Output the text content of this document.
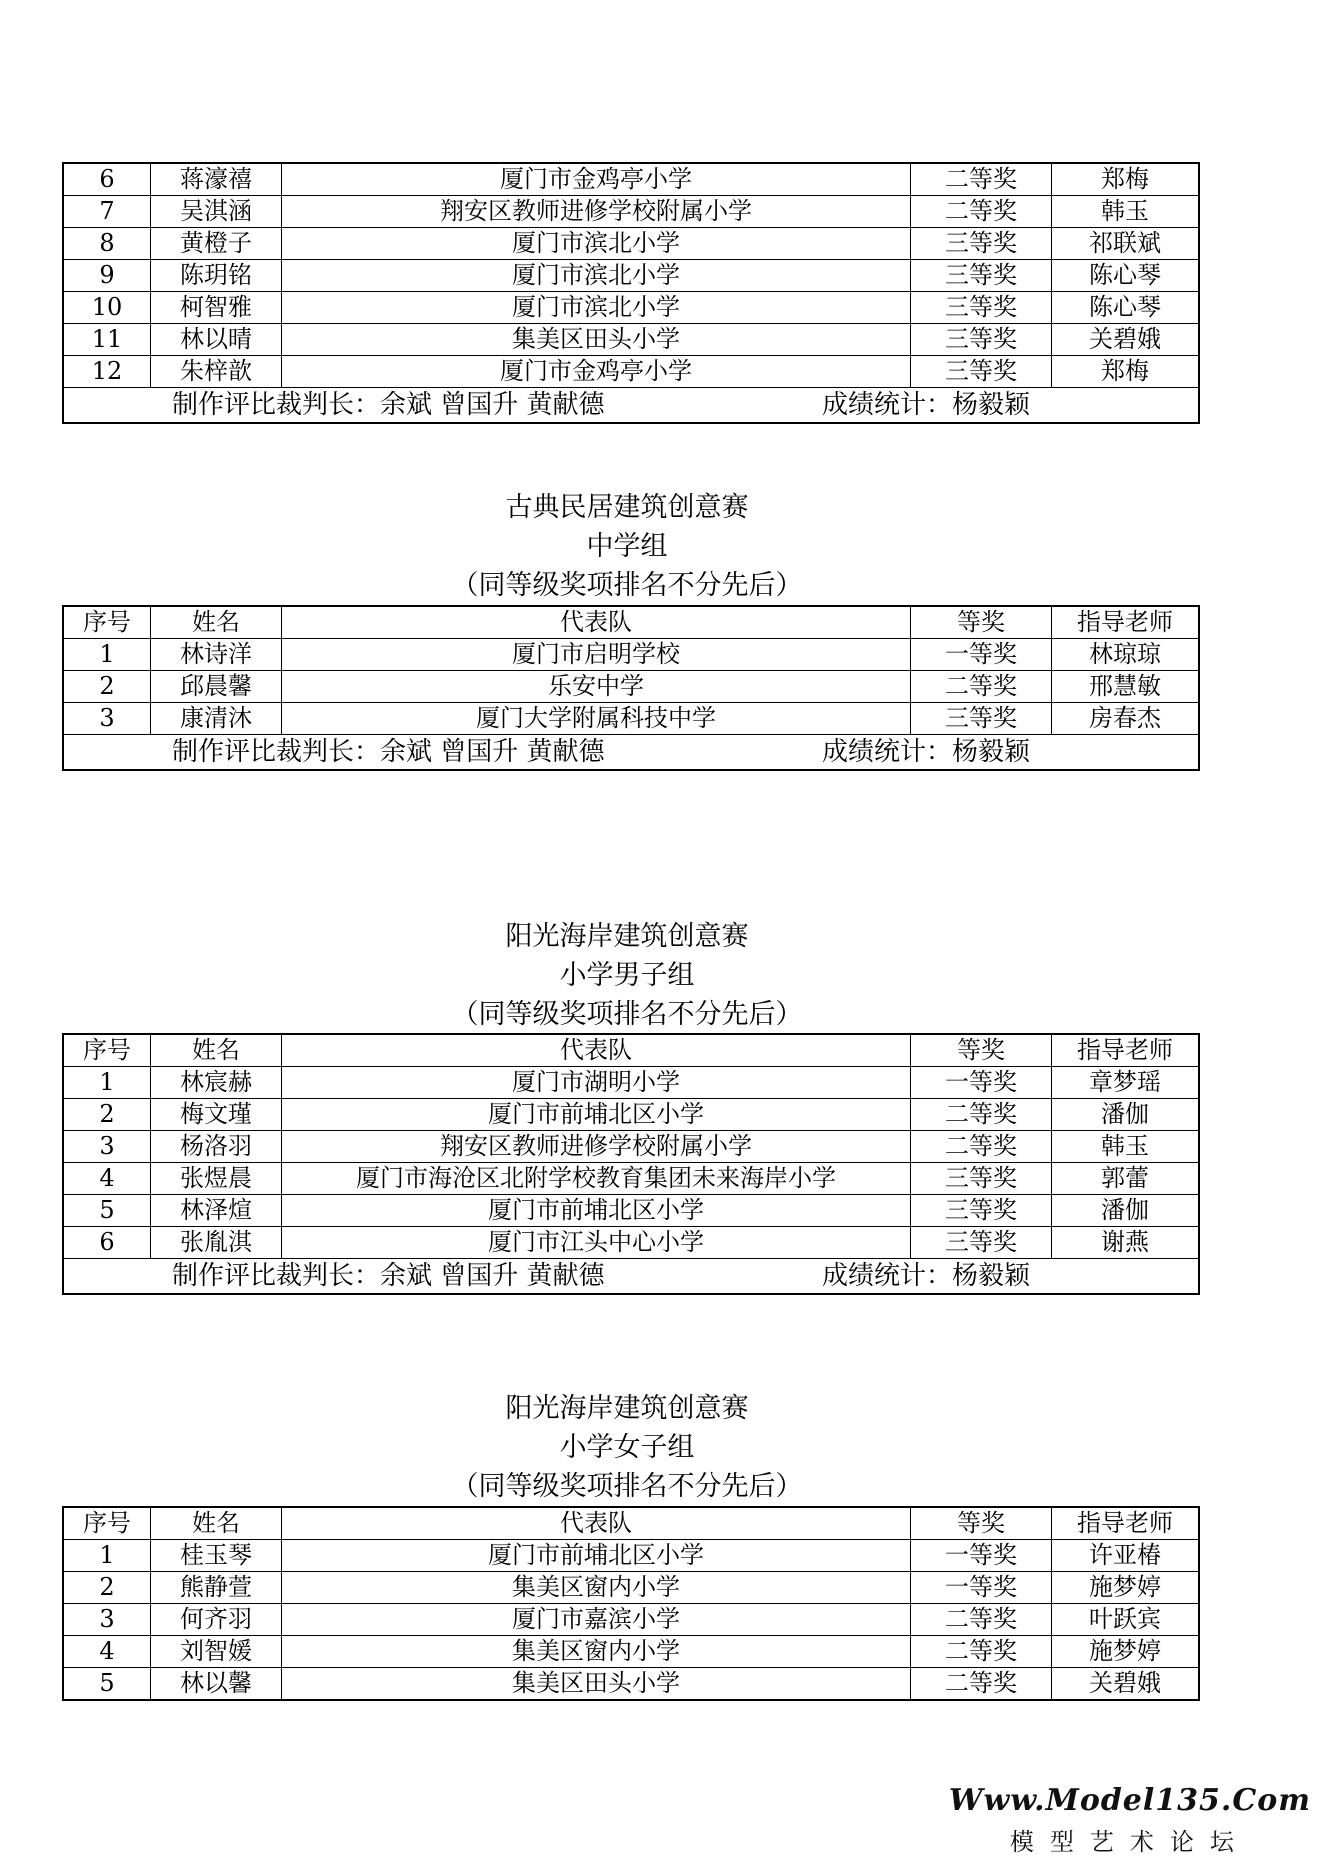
6	蒋濠禧	厦门市金鸡亭小学	二等奖	郑梅
7	吴淇涵	翔安区教师进修学校附属小学	二等奖	韩玉
8	黄橙子	厦门市滨北小学	三等奖	祁联斌
9	陈玥铭	厦门市滨北小学	三等奖	陈心琴
10	柯智雅	厦门市滨北小学	三等奖	陈心琴
11	林以晴	集美区田头小学	三等奖	关碧娥
12	朱梓歆	厦门市金鸡亭小学	三等奖	郑梅
制作评比裁判长：余斌 曾国升 黄献德 成绩统计：杨毅颖				
古典民居建筑创意赛
中学组
（同等级奖项排名不分先后）
序号	姓名	代表队	等奖	指导老师
1	林诗洋	厦门市启明学校	一等奖	林琼琼
2	邱晨馨	乐安中学	二等奖	邢慧敏
3	康清沐	厦门大学附属科技中学	三等奖	房春杰
制作评比裁判长：余斌 曾国升 黄献德 成绩统计：杨毅颖				
阳光海岸建筑创意赛
小学男子组
（同等级奖项排名不分先后）
序号	姓名	代表队	等奖	指导老师
1	林宸赫	厦门市湖明小学	一等奖	章梦瑶
2	梅文瑾	厦门市前埔北区小学	二等奖	潘伽
3	杨洛羽	翔安区教师进修学校附属小学	二等奖	韩玉
4	张煜晨	厦门市海沧区北附学校教育集团未来海岸小学	三等奖	郭蕾
5	林泽煊	厦门市前埔北区小学	三等奖	潘伽
6	张胤淇	厦门市江头中心小学	三等奖	谢燕
制作评比裁判长：余斌 曾国升 黄献德 成绩统计：杨毅颖				
阳光海岸建筑创意赛
小学女子组
（同等级奖项排名不分先后）
序号	姓名	代表队	等奖	指导老师
1	桂玉琴	厦门市前埔北区小学	一等奖	许亚椿
2	熊静萱	集美区窗内小学	一等奖	施梦婷
3	何齐羽	厦门市嘉滨小学	二等奖	叶跃宾
4	刘智媛	集美区窗内小学	二等奖	施梦婷
5	林以馨	集美区田头小学	二等奖	关碧娥
Www.Model135.Com
模型艺术论坛
